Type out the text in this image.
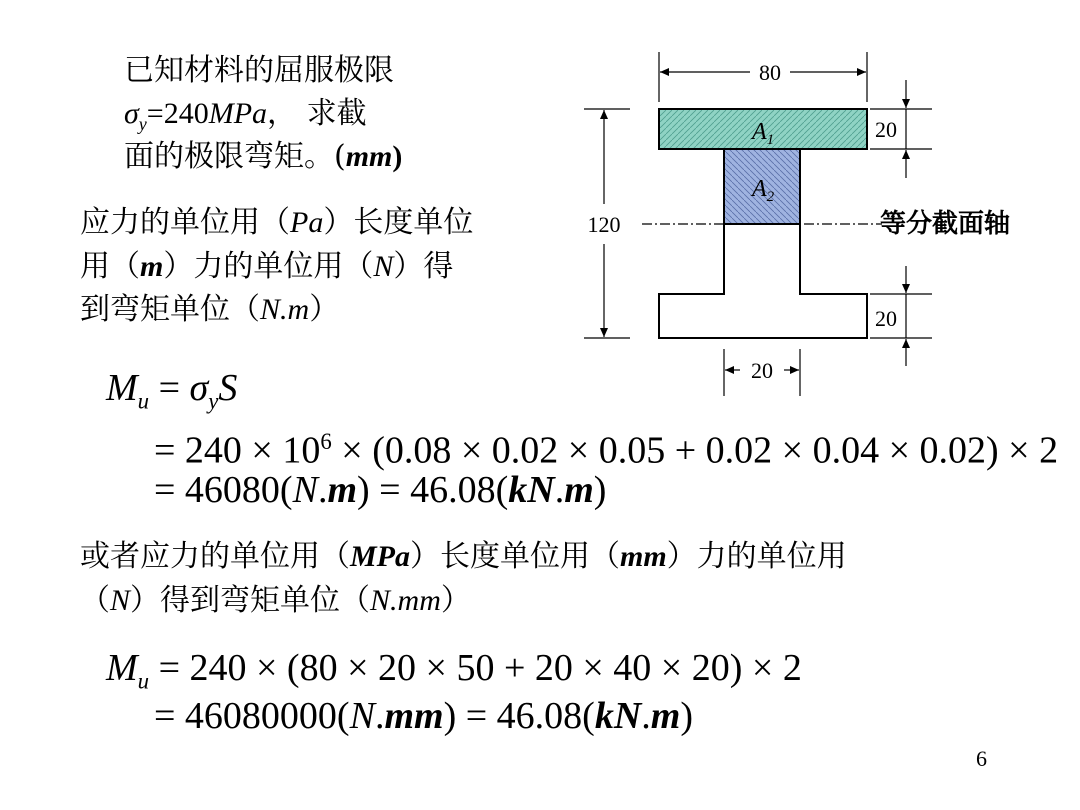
已知材料的屈服极限
$\sigma_y=240MPa$， 求截
面的极限弯矩。(mm)
应力的单位用（Pa）长度单位
用（m）力的单位用（N）得
到弯矩单位（N.m）
$M_u = \sigma_yS$
= $240 \times 10^6 \times (0.08 \times 0.02 \times 0.05 + 0.02 \times 0.04 \times 0.02) \times 2$
= 46080(N.m) = 46.08(kN.m)
或者应力的单位用（MPa）长度单位用（mm）力的单位用
（N）得到弯矩单位（N.mm）
$M_u = 240 \times (80 \times 20 \times 50 + 20 \times 40 \times 20) \times 2$
= 46080000(N.mm) = 46.08(kN.m)
6
$A_1$
$A_2$
80
120
20
20
20
等分截面轴
